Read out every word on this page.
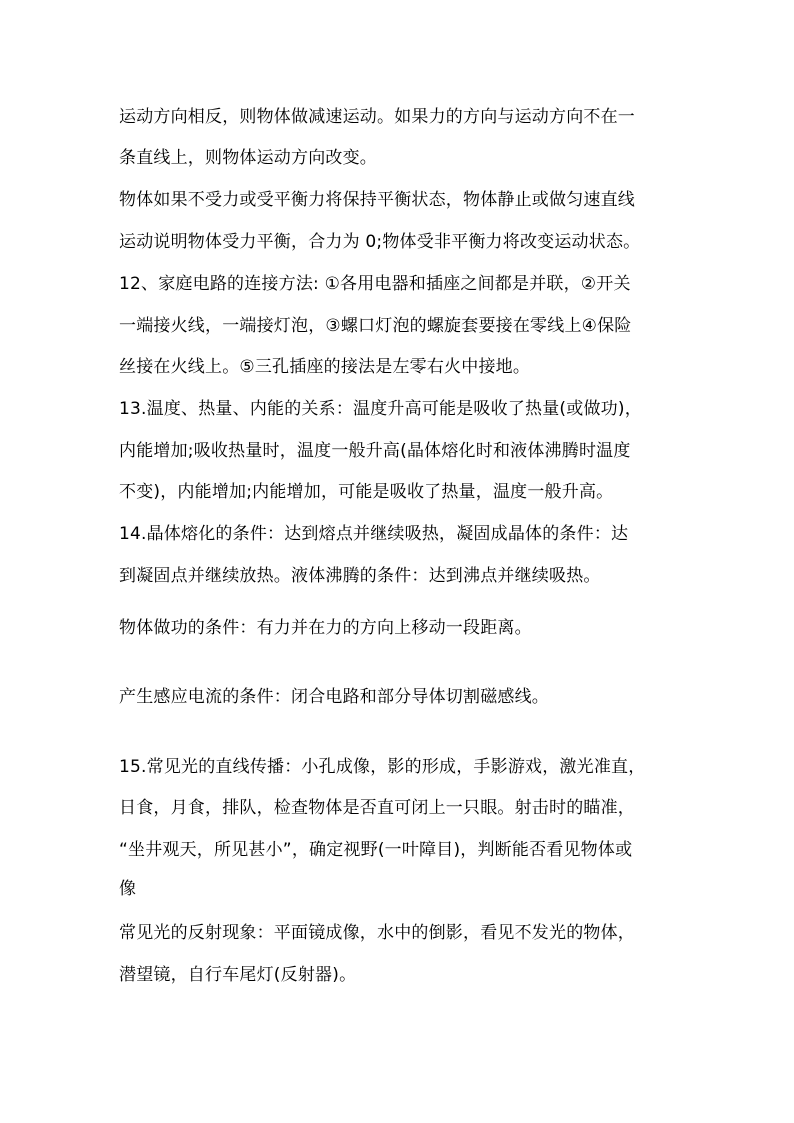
运动方向相反，则物体做减速运动。如果力的方向与运动方向不在一
条直线上，则物体运动方向改变。
物体如果不受力或受平衡力将保持平衡状态，物体静止或做匀速直线
运动说明物体受力平衡，合力为 0;物体受非平衡力将改变运动状态。
12、家庭电路的连接方法: ①各用电器和插座之间都是并联，②开关
一端接火线，一端接灯泡，③螺口灯泡的螺旋套要接在零线上④保险
丝接在火线上。⑤三孔插座的接法是左零右火中接地。
13.温度、热量、内能的关系：温度升高可能是吸收了热量(或做功)，
内能增加;吸收热量时，温度一般升高(晶体熔化时和液体沸腾时温度
不变)，内能增加;内能增加，可能是吸收了热量，温度一般升高。
14.晶体熔化的条件：达到熔点并继续吸热，凝固成晶体的条件：达
到凝固点并继续放热。液体沸腾的条件：达到沸点并继续吸热。
物体做功的条件：有力并在力的方向上移动一段距离。
产生感应电流的条件：闭合电路和部分导体切割磁感线。
15.常见光的直线传播：小孔成像，影的形成，手影游戏，激光准直，
日食，月食，排队，检查物体是否直可闭上一只眼。射击时的瞄准，
“坐井观天，所见甚小”，确定视野(一叶障目)，判断能否看见物体或
像
常见光的反射现象：平面镜成像，水中的倒影，看见不发光的物体，
潜望镜，自行车尾灯(反射器)。
